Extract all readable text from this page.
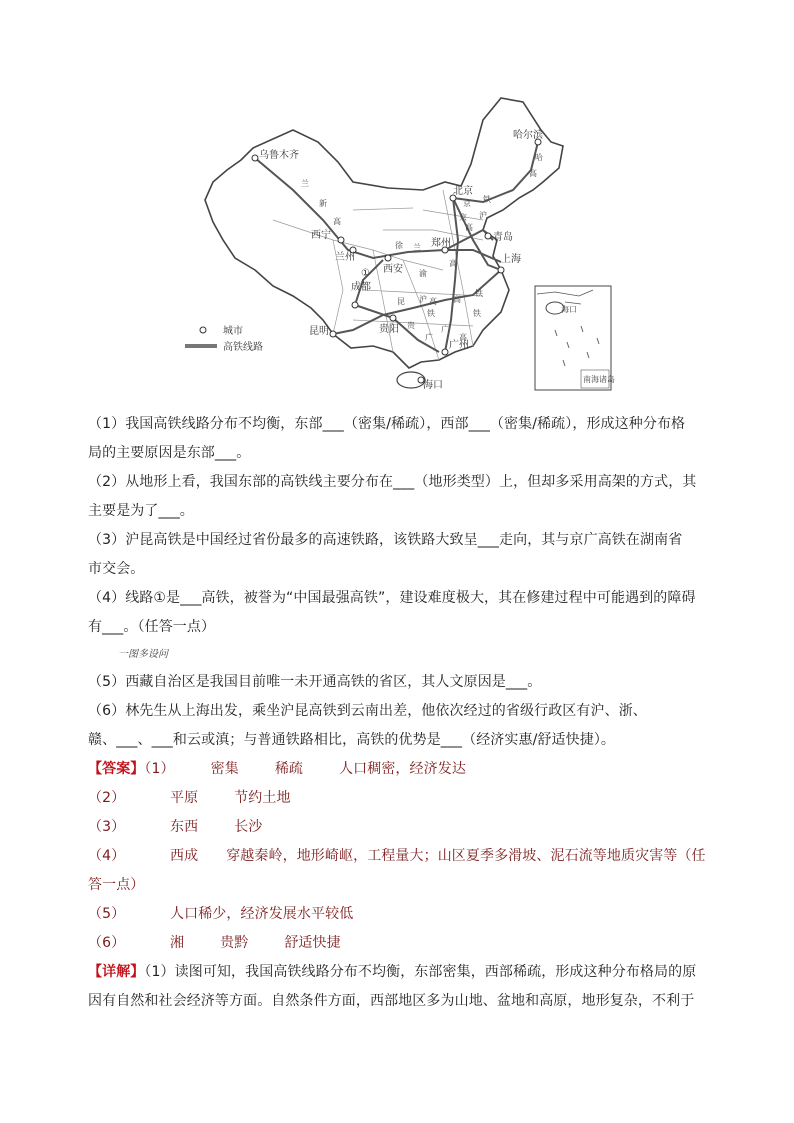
乌鲁木齐
哈尔滨
北京
青岛
西宁
兰州
西安
郑州
上海
成都
贵阳
昆明
广州
海口
兰
新
高
徐 兰
①	渝
沪
昆	高 高
铁
京
哈
高
铁
沪
高
京
高
贵
广
铁
广
高
铁
城市
高铁线路
海口
南海诸岛
（1）我国高铁线路分布不均衡，东部___（密集/稀疏），西部___（密集/稀疏），形成这种分布格
局的主要原因是东部___。
（2）从地形上看，我国东部的高铁线主要分布在___（地形类型）上，但却多采用高架的方式，其
主要是为了___。
（3）沪昆高铁是中国经过省份最多的高速铁路，该铁路大致呈___走向，其与京广高铁在湖南省
市交会。
（4）线路①是___高铁，被誉为“中国最强高铁”，建设难度极大，其在修建过程中可能遇到的障碍
有___。（任答一点）
一图多设问
（5）西藏自治区是我国目前唯一未开通高铁的省区，其人文原因是___。
（6）林先生从上海出发，乘坐沪昆高铁到云南出差，他依次经过的省级行政区有沪、浙、
赣、___、___和云或滇；与普通铁路相比，高铁的优势是___（经济实惠/舒适快捷）。
【答案】（1）	密集	稀疏	人口稠密，经济发达
（2）	平原	节约土地
（3）	东西	长沙
（4）	西成 穿越秦岭，地形崎岖，工程量大；山区夏季多滑坡、泥石流等地质灾害等（任
答一点）
（5）	人口稀少，经济发展水平较低
（6）	湘	贵黔	舒适快捷
【详解】（1）读图可知，我国高铁线路分布不均衡，东部密集，西部稀疏，形成这种分布格局的原
因有自然和社会经济等方面。自然条件方面，西部地区多为山地、盆地和高原，地形复杂，不利于
